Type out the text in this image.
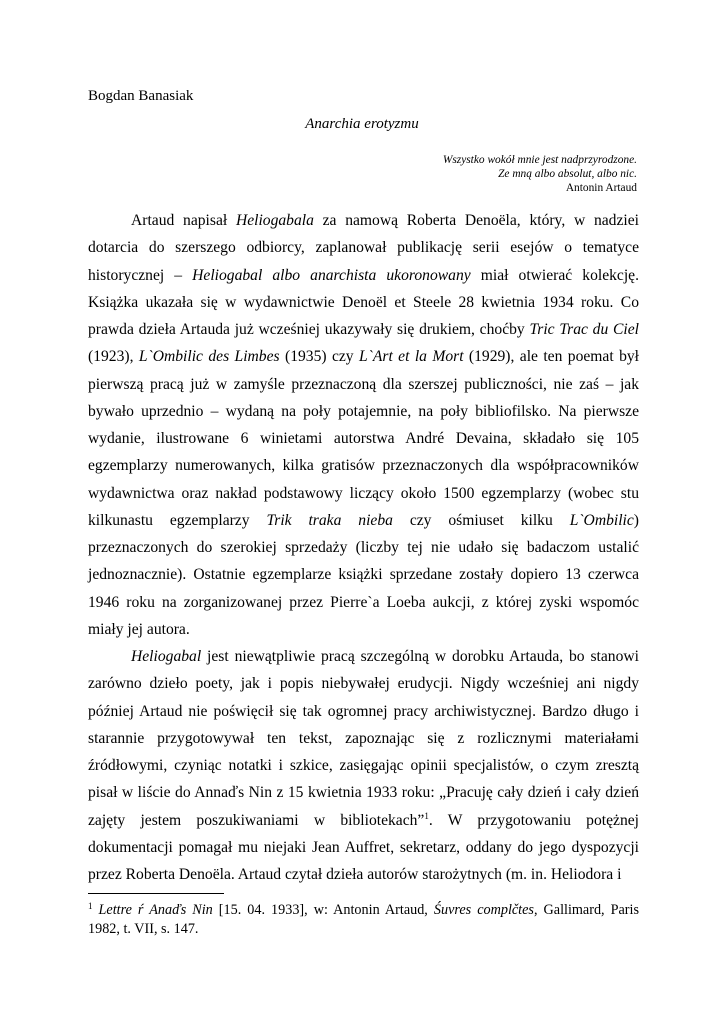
Bogdan Banasiak
Anarchia erotyzmu
Wszystko wokół mnie jest nadprzyrodzone.
Ze mną albo absolut, albo nic.
Antonin Artaud

Artaud napisał Heliogabala za namową Roberta Denoëla, który, w nadziei dotarcia do szerszego odbiorcy, zaplanował publikację serii esejów o tematyce historycznej – Heliogabal albo anarchista ukoronowany miał otwierać kolekcję. Książka ukazała się w wydawnictwie Denoël et Steele 28 kwietnia 1934 roku. Co prawda dzieła Artauda już wcześniej ukazywały się drukiem, choćby Tric Trac du Ciel (1923), L`Ombilic des Limbes (1935) czy L`Art et la Mort (1929), ale ten poemat był pierwszą pracą już w zamyśle przeznaczoną dla szerszej publiczności, nie zaś – jak bywało uprzednio – wydaną na poły potajemnie, na poły bibliofilsko. Na pierwsze wydanie, ilustrowane 6 winietami autorstwa André Devaina, składało się 105 egzemplarzy numerowanych, kilka gratisów przeznaczonych dla współpracowników wydawnictwa oraz nakład podstawowy liczący około 1500 egzemplarzy (wobec stu kilkunastu egzemplarzy Trik traka nieba czy ośmiuset kilku L`Ombilic) przeznaczonych do szerokiej sprzedaży (liczby tej nie udało się badaczom ustalić jednoznacznie). Ostatnie egzemplarze książki sprzedane zostały dopiero 13 czerwca 1946 roku na zorganizowanej przez Pierre`a Loeba aukcji, z której zyski wspomóc miały jej autora.

Heliogabal jest niewątpliwie pracą szczególną w dorobku Artauda, bo stanowi zarówno dzieło poety, jak i popis niebywałej erudycji. Nigdy wcześniej ani nigdy później Artaud nie poświęcił się tak ogromnej pracy archiwistycznej. Bardzo długo i starannie przygotowywał ten tekst, zapoznając się z rozlicznymi materiałami źródłowymi, czyniąc notatki i szkice, zasięgając opinii specjalistów, o czym zresztą pisał w liście do Annaďs Nin z 15 kwietnia 1933 roku: „Pracuję cały dzień i cały dzień zajęty jestem poszukiwaniami w bibliotekach”$^1$. W przygotowaniu potężnej dokumentacji pomagał mu niejaki Jean Auffret, sekretarz, oddany do jego dyspozycji przez Roberta Denoëla. Artaud czytał dzieła autorów starożytnych (m. in. Heliodora i

$^1$ Lettre ŕ Anaďs Nin [15. 04. 1933], w: Antonin Artaud, Śuvres complčtes, Gallimard, Paris 1982, t. VII, s. 147.
